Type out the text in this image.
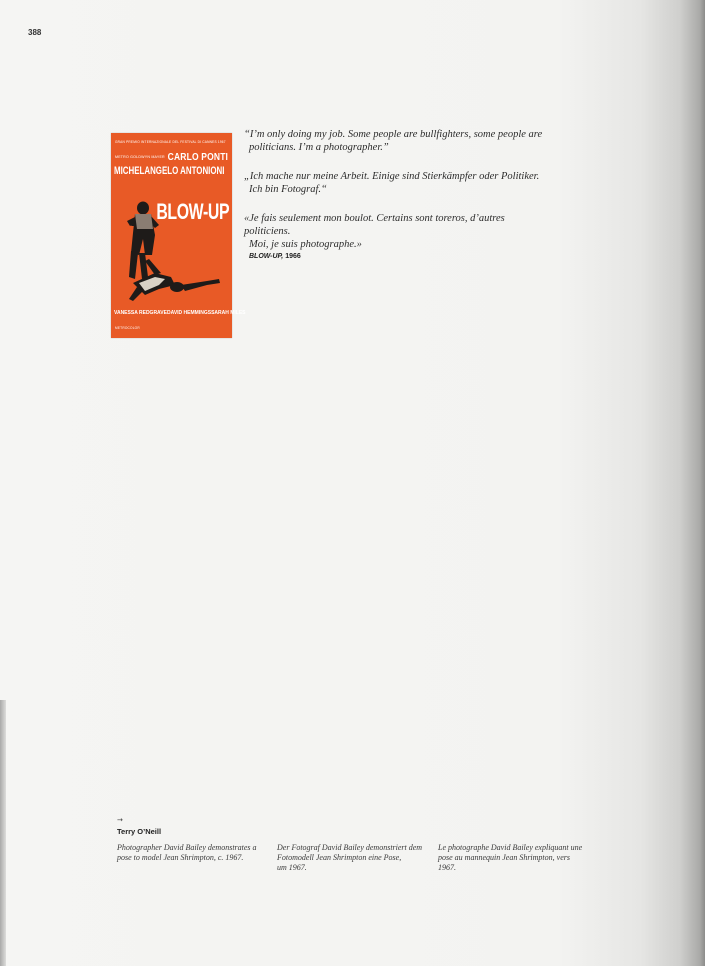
388
GRAN PREMIO INTERNAZIONALE DEL FESTIVAL DI CANNES 1967
CARLO PONTI
METRO GOLDWYN MAYER
MICHELANGELO ANTONIONI
BLOW-UP
VANESSA REDGRAVE DAVID HEMMINGS SARAH MILES
METROCOLOR
“I’m only doing my job. Some people are bullfighters, some people are
politicians. I’m a photographer.”
„Ich mache nur meine Arbeit. Einige sind Stierkämpfer oder Politiker.
Ich bin Fotograf.“
«Je fais seulement mon boulot. Certains sont toreros, d’autres politiciens.
Moi, je suis photographe.»
BLOW-UP, 1966
→
Terry O’Neill
Photographer David Bailey demonstrates a
pose to model Jean Shrimpton, c. 1967.
Der Fotograf David Bailey demonstriert dem
Fotomodell Jean Shrimpton eine Pose,
um 1967.
Le photographe David Bailey expliquant une
pose au mannequin Jean Shrimpton, vers
1967.
